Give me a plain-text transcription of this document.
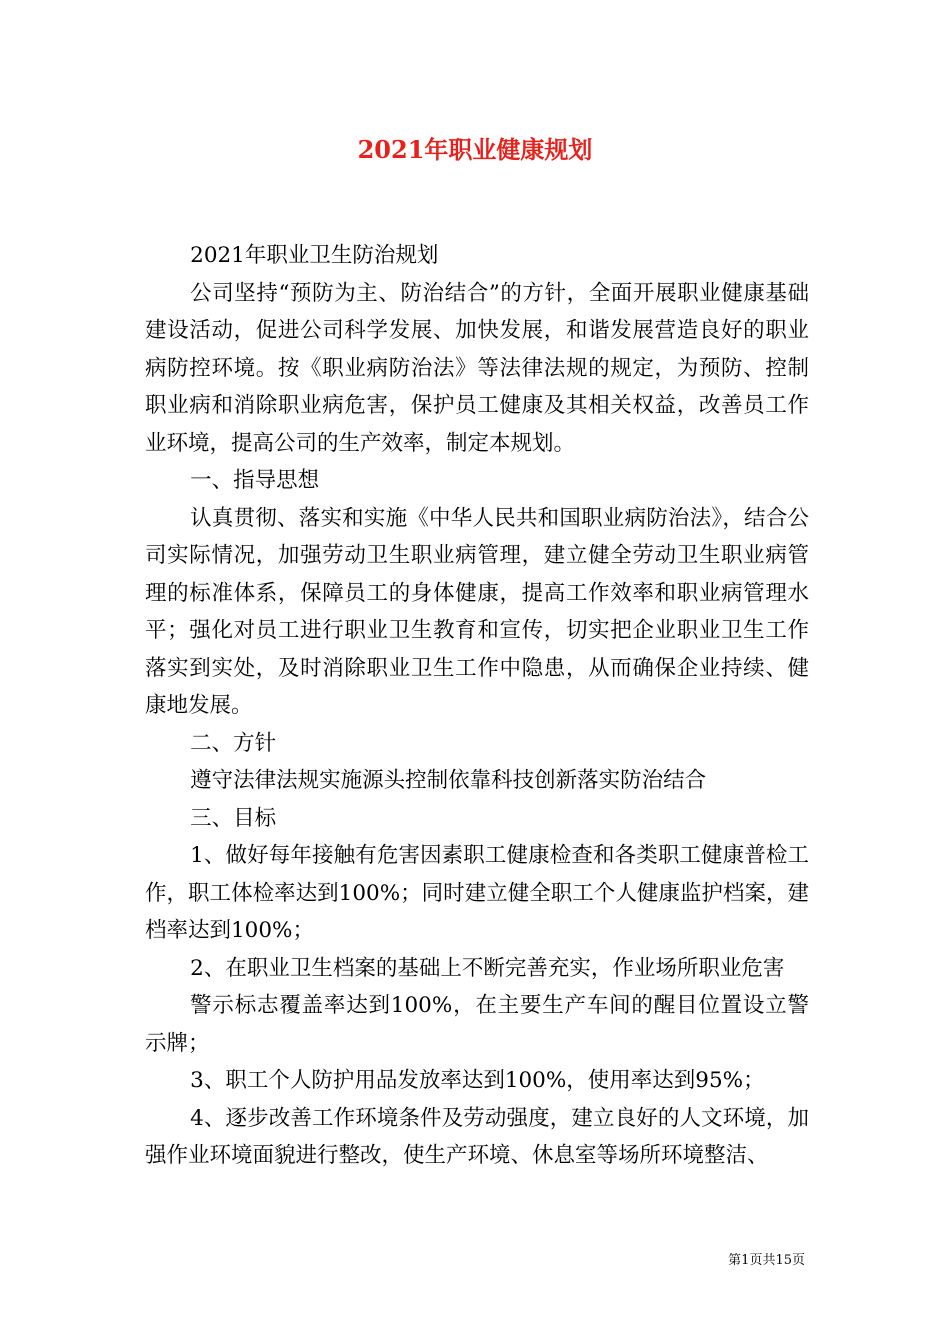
2021年职业健康规划

2021年职业卫生防治规划

公司坚持“预防为主、防治结合”的方针，全面开展职业健康基础建设活动，促进公司科学发展、加快发展，和谐发展营造良好的职业病防控环境。按《职业病防治法》等法律法规的规定，为预防、控制职业病和消除职业病危害，保护员工健康及其相关权益，改善员工作业环境，提高公司的生产效率，制定本规划。

一、指导思想

认真贯彻、落实和实施《中华人民共和国职业病防治法》，结合公司实际情况，加强劳动卫生职业病管理，建立健全劳动卫生职业病管理的标准体系，保障员工的身体健康，提高工作效率和职业病管理水平；强化对员工进行职业卫生教育和宣传，切实把企业职业卫生工作落实到实处，及时消除职业卫生工作中隐患，从而确保企业持续、健康地发展。

二、方针

遵守法律法规实施源头控制依靠科技创新落实防治结合

三、目标

1、做好每年接触有危害因素职工健康检查和各类职工健康普检工作，职工体检率达到100%；同时建立健全职工个人健康监护档案，建档率达到100%；

2、在职业卫生档案的基础上不断完善充实，作业场所职业危害

警示标志覆盖率达到100%，在主要生产车间的醒目位置设立警示牌；

3、职工个人防护用品发放率达到100%，使用率达到95%；

4、逐步改善工作环境条件及劳动强度，建立良好的人文环境，加强作业环境面貌进行整改，使生产环境、休息室等场所环境整洁、

第1页共15页
